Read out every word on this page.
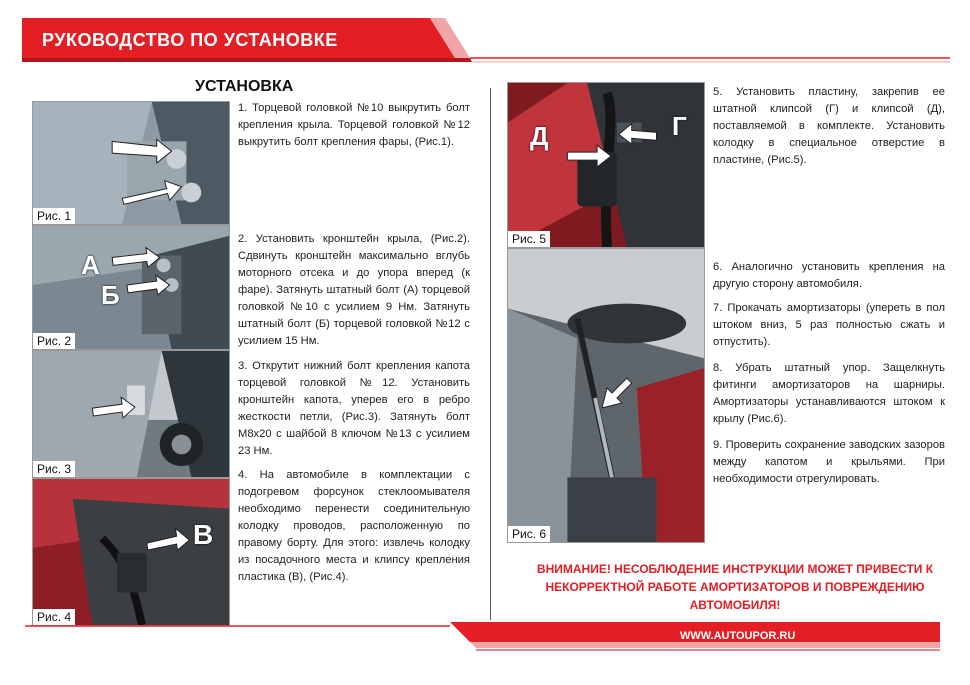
РУКОВОДСТВО ПО УСТАНОВКЕ
УСТАНОВКА
Рис. 1
А
Б
Рис. 2
Рис. 3
В
Рис. 4
Д	Г
Рис. 5
Рис. 6
1. Торцевой головкой №10 выкрутить болт крепления крыла. Торцевой головкой №12 выкрутить болт крепления фары, (Рис.1).
2. Установить кронштейн крыла, (Рис.2). Сдвинуть кронштейн максимально вглубь моторного отсека и до упора вперед (к фаре). Затянуть штатный болт (А) торцевой головкой №10 с усилием 9 Нм. Затянуть штатный болт (Б) торцевой головкой №12 с усилием 15 Нм.
3. Открутит нижний болт крепления капота торцевой головкой №12. Установить кронштейн капота, уперев его в ребро жесткости петли, (Рис.3). Затянуть болт М8х20 с шайбой 8 ключом №13 с усилием 23 Нм.
4. На автомобиле в комплектации с подогревом форсунок стеклоомывателя необходимо перенести соединительную колодку проводов, расположенную по правому борту. Для этого: извлечь колодку из посадочного места и клипсу крепления пластика (В), (Рис.4).
5. Установить пластину, закрепив ее штатной клипсой (Г) и клипсой (Д), поставляемой в комплекте. Установить колодку в специальное отверстие в пластине, (Рис.5).
6. Аналогично установить крепления на другую сторону автомобиля.
7. Прокачать амортизаторы (упереть в пол штоком вниз, 5 раз полностью сжать и отпустить).
8. Убрать штатный упор. Защелкнуть фитинги амортизаторов на шарниры. Амортизаторы устанавливаются штоком к крылу (Рис.6).
9. Проверить сохранение заводских зазоров между капотом и крыльями. При необходимости отрегулировать.
ВНИМАНИЕ! НЕСОБЛЮДЕНИЕ ИНСТРУКЦИИ МОЖЕТ ПРИВЕСТИ К НЕКОРРЕКТНОЙ РАБОТЕ АМОРТИЗАТОРОВ И ПОВРЕЖДЕНИЮ АВТОМОБИЛЯ!
WWW.AUTOUPOR.RU
